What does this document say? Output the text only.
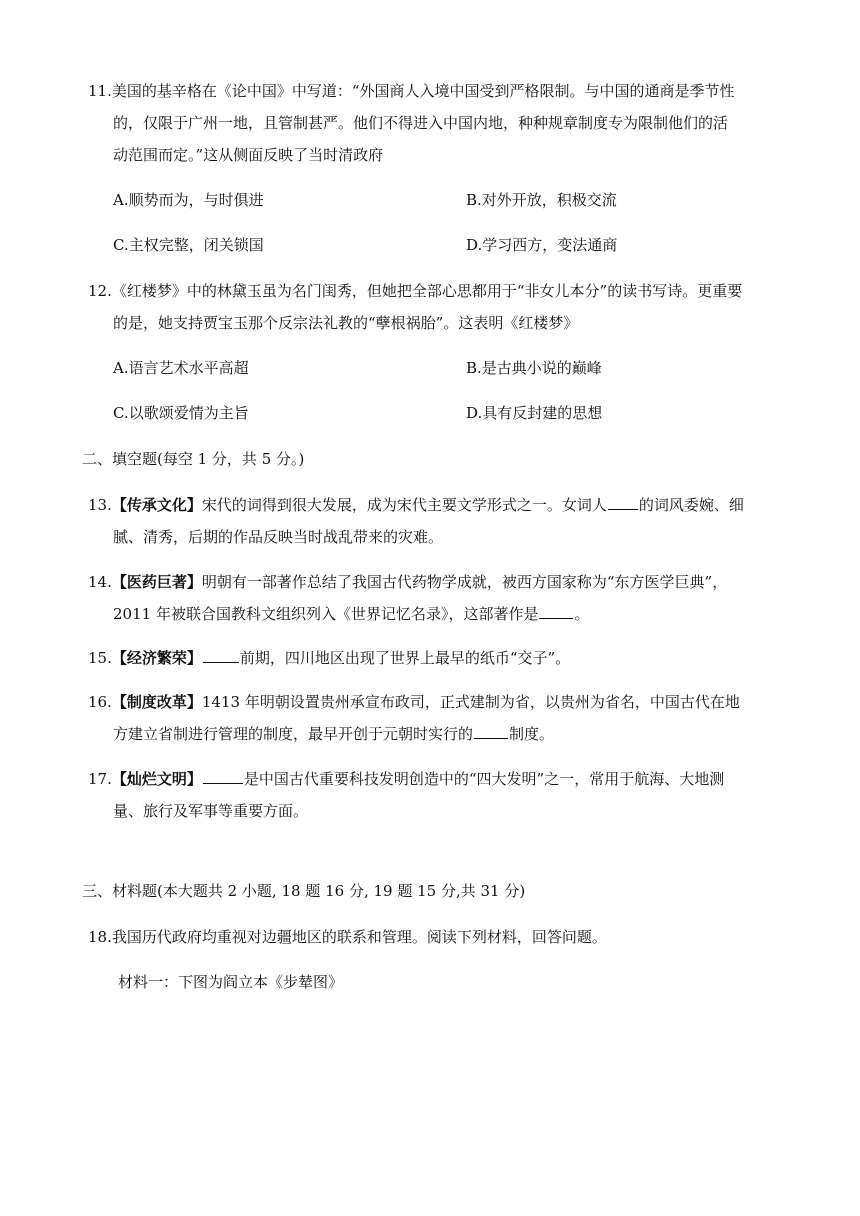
11.美国的基辛格在《论中国》中写道：“外国商人入境中国受到严格限制。与中国的通商是季节性
的，仅限于广州一地，且管制甚严。他们不得进入中国内地，种种规章制度专为限制他们的活
动范围而定。”这从侧面反映了当时清政府
A.顺势而为，与时俱进	B.对外开放，积极交流
C.主权完整，闭关锁国	D.学习西方，变法通商
12.《红楼梦》中的林黛玉虽为名门闺秀，但她把全部心思都用于“非女儿本分”的读书写诗。更重要
的是，她支持贾宝玉那个反宗法礼教的“孽根祸胎”。这表明《红楼梦》
A.语言艺术水平高超	B.是古典小说的巅峰
C.以歌颂爱情为主旨	D.具有反封建的思想
二、填空题(每空 1 分，共 5 分。)
13.【传承文化】宋代的词得到很大发展，成为宋代主要文学形式之一。女词人 的词风委婉、细
腻、清秀，后期的作品反映当时战乱带来的灾难。
14.【医药巨著】明朝有一部著作总结了我国古代药物学成就，被西方国家称为“东方医学巨典”，
2011 年被联合国教科文组织列入《世界记忆名录》，这部著作是 。
15.【经济繁荣】	前期，四川地区出现了世界上最早的纸币“交子”。
16.【制度改革】1413 年明朝设置贵州承宣布政司，正式建制为省，以贵州为省名，中国古代在地
方建立省制进行管理的制度，最早开创于元朝时实行的 制度。
17.【灿烂文明】	是中国古代重要科技发明创造中的“四大发明”之一，常用于航海、大地测
量、旅行及军事等重要方面。
三、材料题(本大题共 2 小题, 18 题 16 分, 19 题 15 分,共 31 分)
18.我国历代政府均重视对边疆地区的联系和管理。阅读下列材料，回答问题。
材料一：下图为阎立本《步辇图》
